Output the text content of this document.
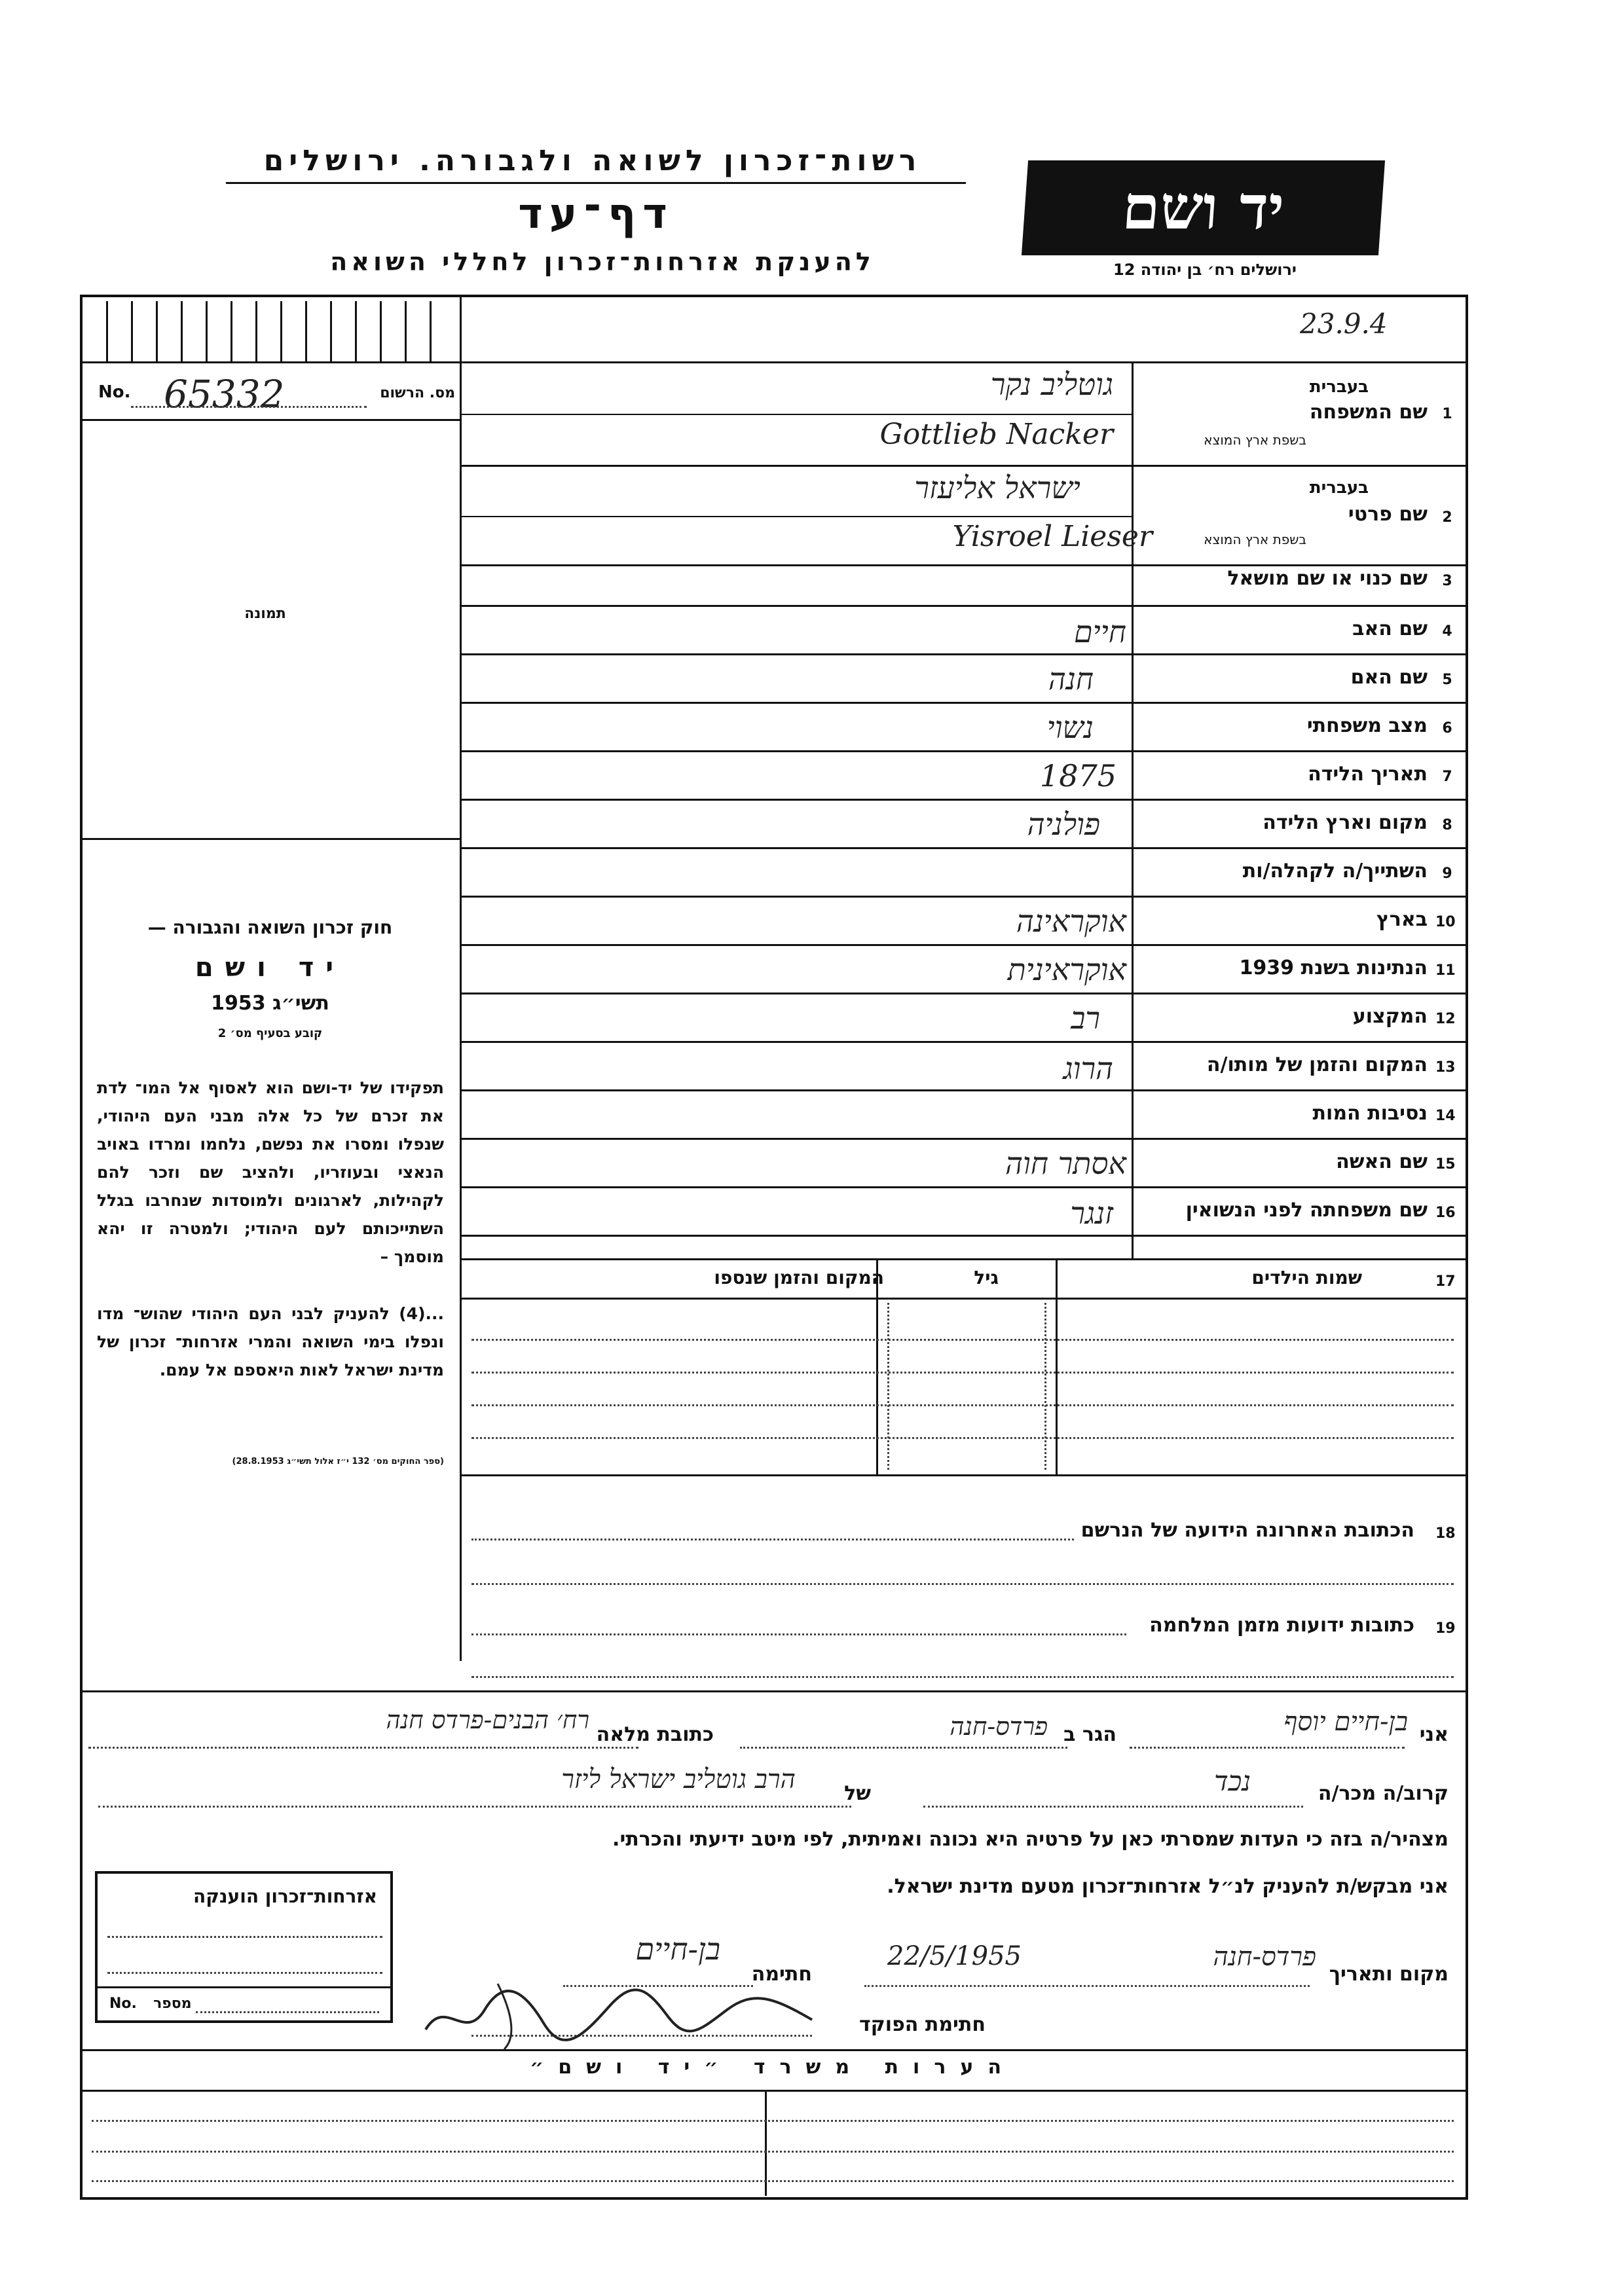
רשות־זכרון לשואה ולגבורה. ירושלים
דף־עד
להענקת אזרחות־זכרון לחללי השואה
יד ושם
ירושלים רח׳ בן יהודה 12
23.9.4
No. 65332	מס. הרשום
תמונה
חוק זכרון השואה והגבורה —
יד ושם
תשי״ג 1953
קובע בסעיף מס׳ 2
תפקידו של יד-ושם הוא לאסוף אל המו־ לדת את זכרם של כל אלה מבני העם היהודי, שנפלו ומסרו את נפשם, נלחמו ומרדו באויב הנאצי ובעוזריו, ולהציב שם וזכר להם לקהילות, לארגונים ולמוסדות שנחרבו בגלל השתייכותם לעם היהודי; ולמטרה זו יהא מוסמך –
...(4) להעניק לבני העם היהודי שהוש־ מדו ונפלו בימי השואה והמרי אזרחות־ זכרון של מדינת ישראל לאות היאספם אל עמם.
(ספר החוקים מס׳ 132 י״ז אלול תשי״ג 28.8.1953)
1
שם המשפחה
בעברית
בשפת ארץ המוצא
גוטליב נקר
Gottlieb Nacker
2
שם פרטי
בעברית
בשפת ארץ המוצא
ישראל אליעזר
Yisroel Lieser
3
שם כנוי או שם מושאל
4
שם האב
חיים
5
שם האם
חנה
6
מצב משפחתי
נשוי
7
תאריך הלידה
1875
8
מקום וארץ הלידה
פולניה
9
השתייך/ה לקהלה/ות
10
בארץ
אוקראינה
11
הנתינות בשנת 1939
אוקראינית
12
המקצוע
רב
13
המקום והזמן של מותו/ה
הרוג
14
נסיבות המות
15
שם האשה
אסתר חוה
16
שם משפחתה לפני הנשואין
זנגר
17
שמות הילדים
גיל
המקום והזמן שנספו
18
הכתובת האחרונה הידועה של הנרשם
19
כתובות ידועות מזמן המלחמה
אני
בן-חיים יוסף
הגר ב
פרדס-חנה
כתובת מלאה
רח׳ הבנים-פרדס חנה
קרוב/ה מכר/ה
נכד
של
הרב גוטליב ישראל ליזר
מצהיר/ה בזה כי העדות שמסרתי כאן על פרטיה היא נכונה ואמיתית, לפי מיטב ידיעתי והכרתי.
אני מבקש/ת להעניק לנ״ל אזרחות־זכרון מטעם מדינת ישראל.
אזרחות־זכרון הוענקה
No. מספר
מקום ותאריך
פרדס-חנה
22/5/1955
חתימה
בן-חיים
חתימת הפוקד
הערות משרד ״יד ושם״
